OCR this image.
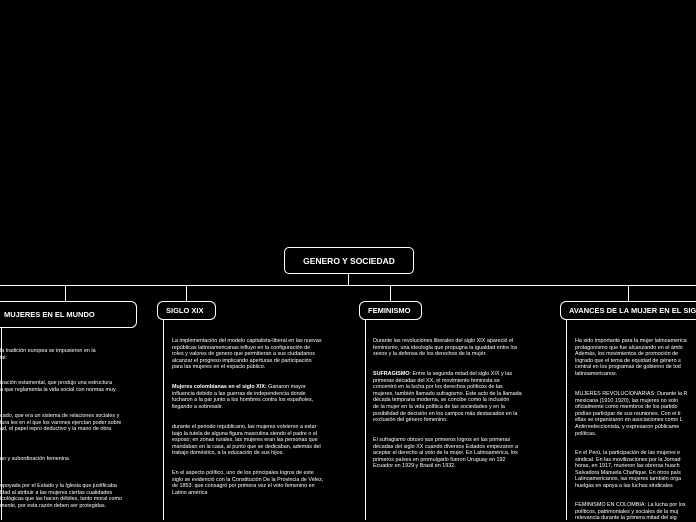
GENERO Y SOCIEDAD
MUJERES EN EL MUNDO	SIGLO XIX	FEMINISMO	AVANCES DE LA MUJER EN EL SIG
la tradición europea se impusieron en la
ial:
ización estamental, que produjo una estructura
a que reglamenta la vida social con normas muy
cado, que era un sistema de relaciones sociales y
tura les en el que los varones ejercían poder sobre
ad, el papel repro deductivo y la mano de obra
no y subordinación femenina
opoyada por el Estado y la Iglesia que justificaba
ldad al atribuir a las mujeres ciertas cualidades
icológicas que las hacen débiles, tanto moral como
mente, por esta razón deben ser protegidas.
La implementación del modelo capitalista-liberal en las nuevas
repúblicas latinoamericanas influyo en la configuración de
roles y valores de genero que permitieran a sus ciudadanos
alcanzar el progreso implicando aperturas de participación
para las mujeres en el espacio público.
Mujeres colombianas en el siglo XIX: Ganaron mayor
influencia debido a las guerras de independencia donde
lucharon a la par junto a los hombres contra los españoles,
llegando a sobresalir.
durante el periodo republicano, las mujeres volvieron a estar
bajo la tutela de alguna figura masculina siendo el padre o el
esposo; en zonas rurales, las mujeres eran las personas que
mandaban en la casa, al punto que se dedicaban, además del
trabajo doméstico, a la educación de sus hijos.
En el aspecto político, uno de los principales logros de este
siglo se evidenció con la Constitución De la Provincia de Vélez,
de 1853. que consagró por primera vez el voto femenino en
Latino américa
Durante las revoluciones liberales del siglo XIX apareció el
feminismo, una ideología que propugna la igualdad entre los
sexos y la defensa de los derechos de la mujer.
SUFRAGISMO: Entre la segunda mitad del siglo XIX y las
primeras décadas del XX, el movimiento feminista se
concentró en la lucha por los derechos políticos de las
mujeres, también llamado sufragismo. Este acto de la llamada
década temprana moderna, se concibe como la inclusión
de la mujer en la vida política de las sociedades y en la
posibilidad de decisión en los campos más destacados en la
exclusión del género femenino.
El sufragismo obtuvo sus primeros logros en las primeras
décadas del siglo XX cuando diversos Estados empezaron a
aceptar el derecho al voto de la mujer. En Latinoamérica, los
primeros países en promulgarlo fueron Uruguay en 192
Ecuador en 1929 y Brasil en 1932.
Ha sido importante para la mujer latinoamerica
protagonismo que fue alcanzando en el ámbi
Además, los movimientos de promoción de
logrado que el tema de equidad de género s
central en los programas de gobierno de tod
latinoamericanos.
MUJERES REVOLUCIONARIAS: Durante la R
mexicana (1910 1920), las mujeres no solo
oficialmente como miembros de los partido
podían participar de sus reuniones. Con el ti
ellas se organizaron en asociaciones como L
Antirreeleccionista, y expresaron públicame
políticas.
En el Perú, la participación de las mujeres e
sindical. En las movilizaciones por la Jornad
horas, en 1917, murieron las obreras huach
Salvadora Manuela Chañique. En otros país
Latinoamericanos, las mujeres también orga
huelgas en apoya a las luchas sindicales
FEMINISMO EN COLOMBIA: La lucha por los
políticos, patrimoniales y sociales de la muj
relevancia durante la primera mitad del sig
